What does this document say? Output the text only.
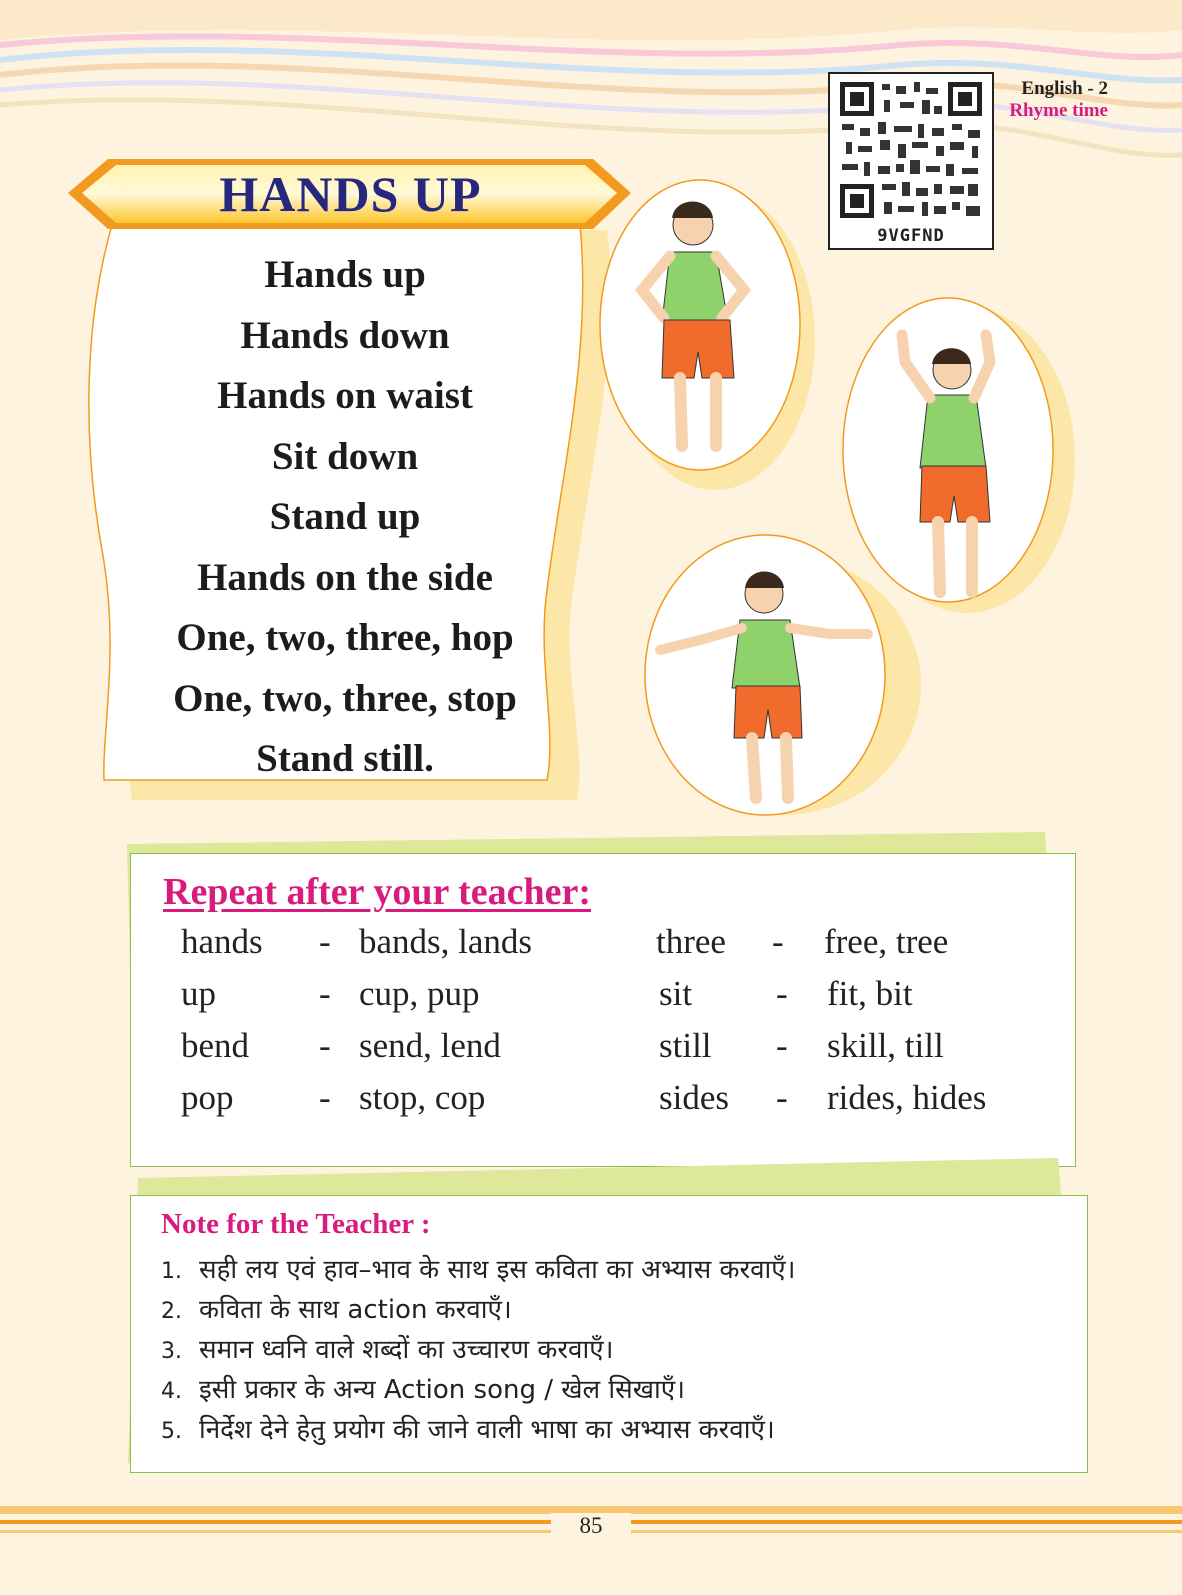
9VGFND
English - 2
Rhyme time
HANDS UP
Hands up
Hands down
Hands on waist
Sit down
Stand up
Hands on the side
One, two, three, hop
One, two, three, stop
Stand still.
Repeat after your teacher:
hands - bands, lands
up	- cup, pup
bend - send, lend
pop - stop, cop
three - free, tree
sit - fit, bit
still - skill, till
sides - rides, hides
Note for the Teacher :
1. सही लय एवं हाव–भाव के साथ इस कविता का अभ्यास करवाएँ।
2. कविता के साथ action करवाएँ।
3. समान ध्वनि वाले शब्दों का उच्चारण करवाएँ।
4. इसी प्रकार के अन्य Action song / खेल सिखाएँ।
5. निर्देश देने हेतु प्रयोग की जाने वाली भाषा का अभ्यास करवाएँ।
85
